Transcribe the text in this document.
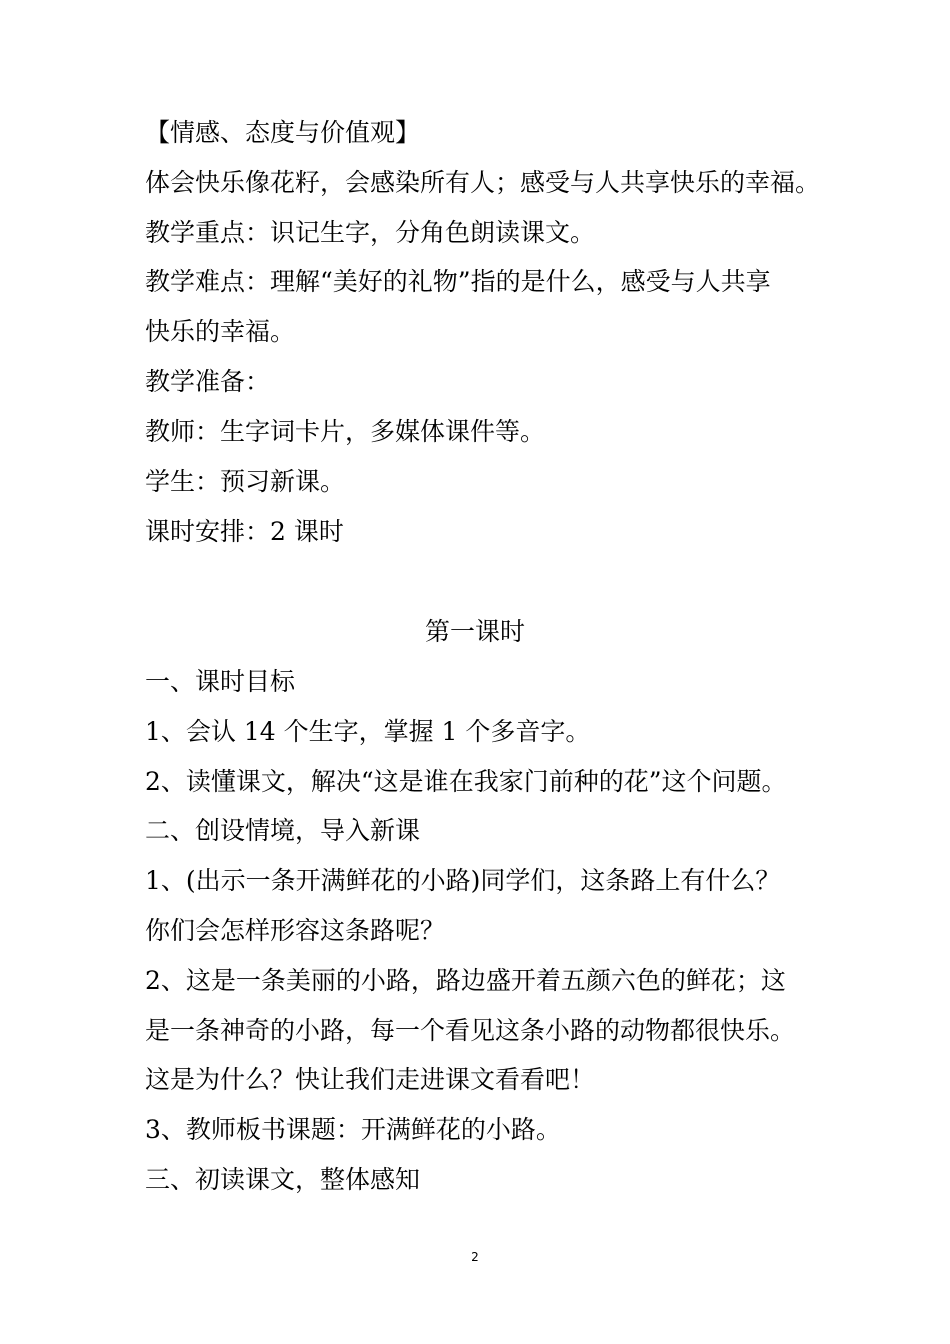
【情感、态度与价值观】
体会快乐像花籽，会感染所有人；感受与人共享快乐的幸福。
教学重点：识记生字，分角色朗读课文。
教学难点：理解“美好的礼物”指的是什么，感受与人共享
快乐的幸福。
教学准备：
教师：生字词卡片，多媒体课件等。
学生：预习新课。
课时安排：2 课时
第一课时
一、课时目标
1、会认 14 个生字，掌握 1 个多音字。
2、读懂课文，解决“这是谁在我家门前种的花”这个问题。
二、创设情境，导入新课
1、(出示一条开满鲜花的小路)同学们，这条路上有什么？
你们会怎样形容这条路呢？
2、这是一条美丽的小路，路边盛开着五颜六色的鲜花；这
是一条神奇的小路，每一个看见这条小路的动物都很快乐。
这是为什么？快让我们走进课文看看吧！
3、教师板书课题：开满鲜花的小路。
三、初读课文，整体感知
2
